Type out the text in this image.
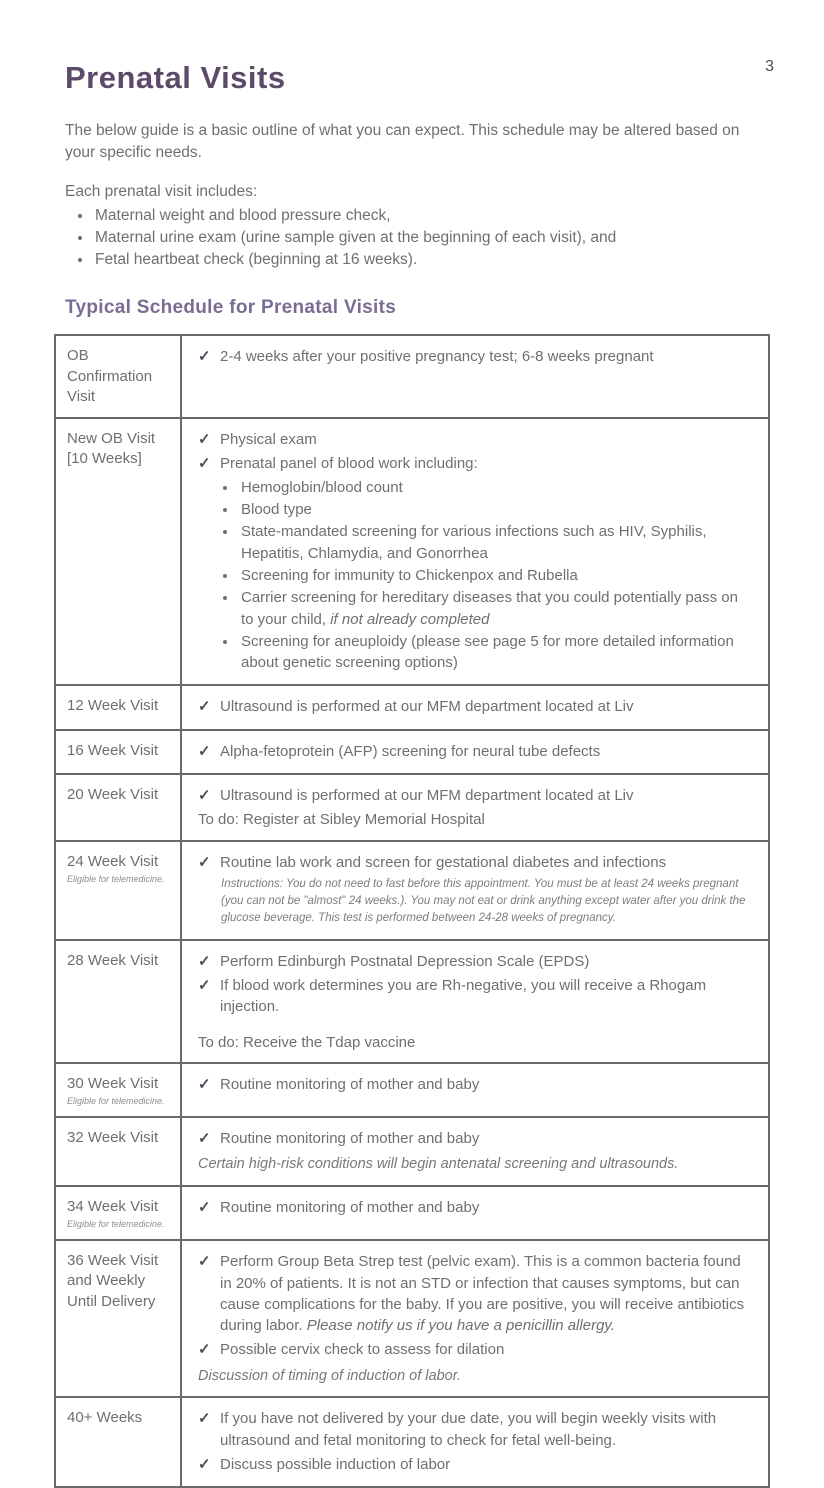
3
Prenatal Visits

The below guide is a basic outline of what you can expect. This schedule may be altered based on your specific needs.

Each prenatal visit includes:

• Maternal weight and blood pressure check,
• Maternal urine exam (urine sample given at the beginning of each visit), and
• Fetal heartbeat check (beginning at 16 weeks).
Typical Schedule for Prenatal Visits
OB Confirmation Visit	✓ 2-4 weeks after your positive pregnancy test; 6-8 weeks pregnant

New OB Visit [10 Weeks]

✓ Physical exam
✓ Prenatal panel of blood work including:
• Hemoglobin/blood count
• Blood type
• State-mandated screening for various infections such as HIV, Syphilis, Hepatitis, Chlamydia, and Gonorrhea
• Screening for immunity to Chickenpox and Rubella
• Carrier screening for hereditary diseases that you could potentially pass on to your child, if not already completed
• Screening for aneuploidy (please see page 5 for more detailed information about genetic screening options)

12 Week Visit	✓ Ultrasound is performed at our MFM department located at Liv

16 Week Visit	✓ Alpha-fetoprotein (AFP) screening for neural tube defects

20 Week Visit	✓ Ultrasound is performed at our MFM department located at Liv
To do: Register at Sibley Memorial Hospital

24 Week Visit
Eligible for telemedicine.

✓ Routine lab work and screen for gestational diabetes and infections
Instructions: You do not need to fast before this appointment. You must be at least 24 weeks pregnant (you can not be "almost" 24 weeks.). You may not eat or drink anything except water after you drink the glucose beverage. This test is performed between 24-28 weeks of pregnancy.

28 Week Visit	✓ Perform Edinburgh Postnatal Depression Scale (EPDS)
✓ If blood work determines you are Rh-negative, you will receive a Rhogam injection.
To do: Receive the Tdap vaccine

30 Week Visit
Eligible for telemedicine.

✓ Routine monitoring of mother and baby

32 Week Visit	✓ Routine monitoring of mother and baby
Certain high-risk conditions will begin antenatal screening and ultrasounds.

34 Week Visit
Eligible for telemedicine.

✓ Routine monitoring of mother and baby

36 Week Visit and Weekly Until Delivery	✓ Perform Group Beta Strep test (pelvic exam). This is a common bacteria found in 20% of patients. It is not an STD or infection that causes symptoms, but can cause complications for the baby. If you are positive, you will receive antibiotics during labor. Please notify us if you have a penicillin allergy.
✓ Possible cervix check to assess for dilation
Discussion of timing of induction of labor.

40+ Weeks	✓ If you have not delivered by your due date, you will begin weekly visits with ultrasound and fetal monitoring to check for fetal well-being.
✓ Discuss possible induction of labor
